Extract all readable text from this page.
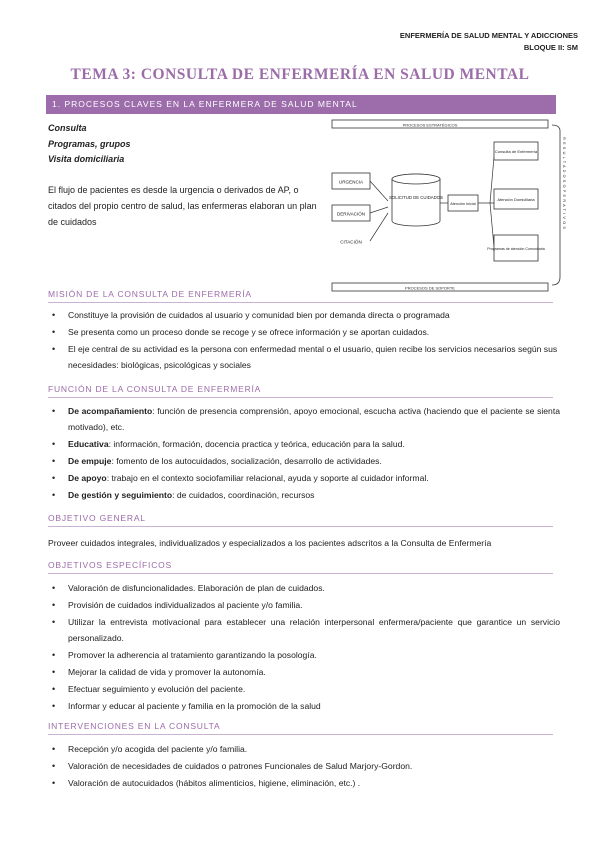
ENFERMERÍA DE SALUD MENTAL Y ADICCIONES
BLOQUE II: SM
TEMA 3: CONSULTA DE ENFERMERÍA EN SALUD MENTAL
1. PROCESOS CLAVES EN LA ENFERMERA DE SALUD MENTAL
Consulta
Programas, grupos
Visita domiciliaria

El flujo de pacientes es desde la urgencia o derivados de AP, o citados del propio centro de salud, las enfermeras elaboran un plan de cuidados

PROCESOS ESTRATÉGICOS
PROCESOS DE SOPORTE
URGENCIA
DERIVACIÓN
CITACIÓN
SOLICITUD DE CUIDADOS
Atención Inicial
Consulta de Enfermería
Atención Domiciliaria
Programas de atención Comunitaria
R E S U L T A D O S O P E R A T I V O S
MISIÓN DE LA CONSULTA DE ENFERMERÍA
• Constituye la provisión de cuidados al usuario y comunidad bien por demanda directa o programada
• Se presenta como un proceso donde se recoge y se ofrece información y se aportan cuidados.
• El eje central de su actividad es la persona con enfermedad mental o el usuario, quien recibe los servicios necesarios según sus necesidades: biológicas, psicológicas y sociales
FUNCIÓN DE LA CONSULTA DE ENFERMERÍA
• De acompañamiento: función de presencia comprensión, apoyo emocional, escucha activa (haciendo que el paciente se sienta motivado), etc.
• Educativa: información, formación, docencia practica y teórica, educación para la salud.
• De empuje: fomento de los autocuidados, socialización, desarrollo de actividades.
• De apoyo: trabajo en el contexto sociofamiliar relacional, ayuda y soporte al cuidador informal.
• De gestión y seguimiento: de cuidados, coordinación, recursos
OBJETIVO GENERAL
Proveer cuidados integrales, individualizados y especializados a los pacientes adscritos a la Consulta de Enfermería
OBJETIVOS ESPECÍFICOS
• Valoración de disfuncionalidades. Elaboración de plan de cuidados.
• Provisión de cuidados individualizados al paciente y/o familia.
• Utilizar la entrevista motivacional para establecer una relación interpersonal enfermera/paciente que garantice un servicio personalizado.
• Promover la adherencia al tratamiento garantizando la posología.
• Mejorar la calidad de vida y promover la autonomía.
• Efectuar seguimiento y evolución del paciente.
• Informar y educar al paciente y familia en la promoción de la salud
INTERVENCIONES EN LA CONSULTA
• Recepción y/o acogida del paciente y/o familia.
• Valoración de necesidades de cuidados o patrones Funcionales de Salud Marjory-Gordon.
• Valoración de autocuidados (hábitos alimenticios, higiene, eliminación, etc.) .
